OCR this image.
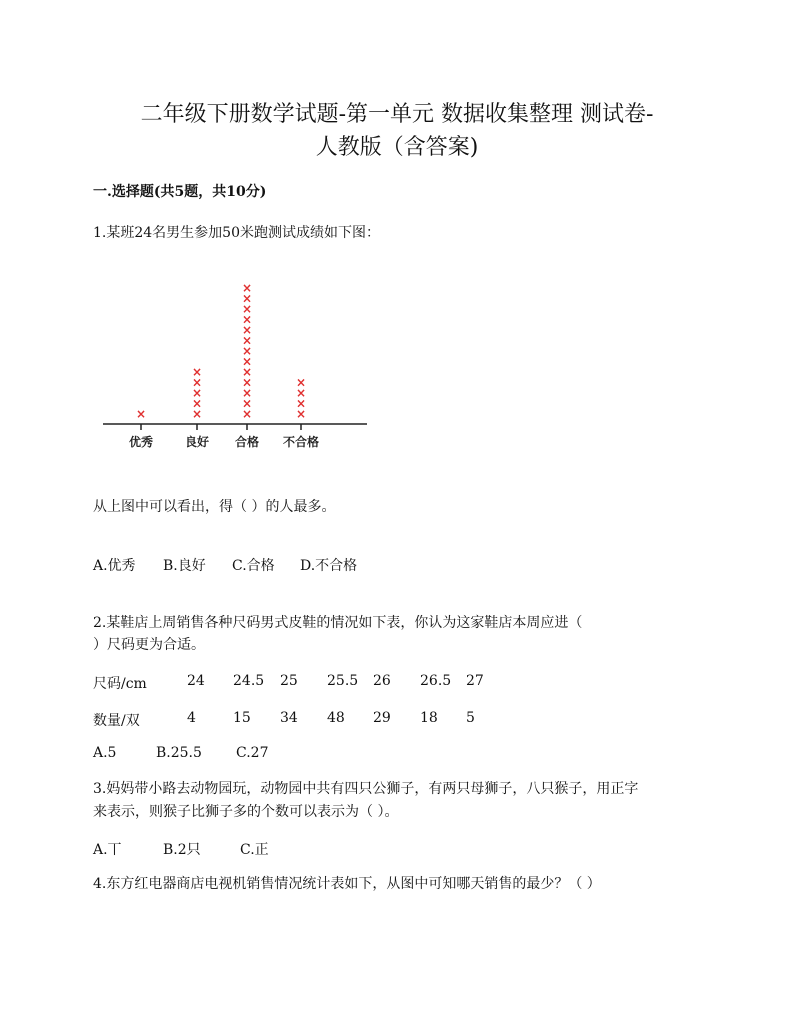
二年级下册数学试题-第一单元 数据收集整理 测试卷-
人教版（含答案)
一.选择题(共5题，共10分)
1.某班24名男生参加50米跑测试成绩如下图：
优秀
×
良好
×
×
×
×
×
合格
×
×
×
×
×
×
×
×
×
×
×
×
×
不合格
×
×
×
×
从上图中可以看出，得（ ）的人最多。
A.优秀 B.良好 C.合格 D.不合格
2.某鞋店上周销售各种尺码男式皮鞋的情况如下表，你认为这家鞋店本周应进（
）尺码更为合适。
尺码/cm	24 24.5 25 25.5 26 26.5 27
数量/双	4	15 34 48 29 18 5
A.5	B.25.5 C.27
3.妈妈带小路去动物园玩，动物园中共有四只公狮子，有两只母狮子，八只猴子，用正字
来表示，则猴子比狮子多的个数可以表示为（ ）。
A.丅	B.2只	C.正
4.东方红电器商店电视机销售情况统计表如下，从图中可知哪天销售的最少？（ ）
